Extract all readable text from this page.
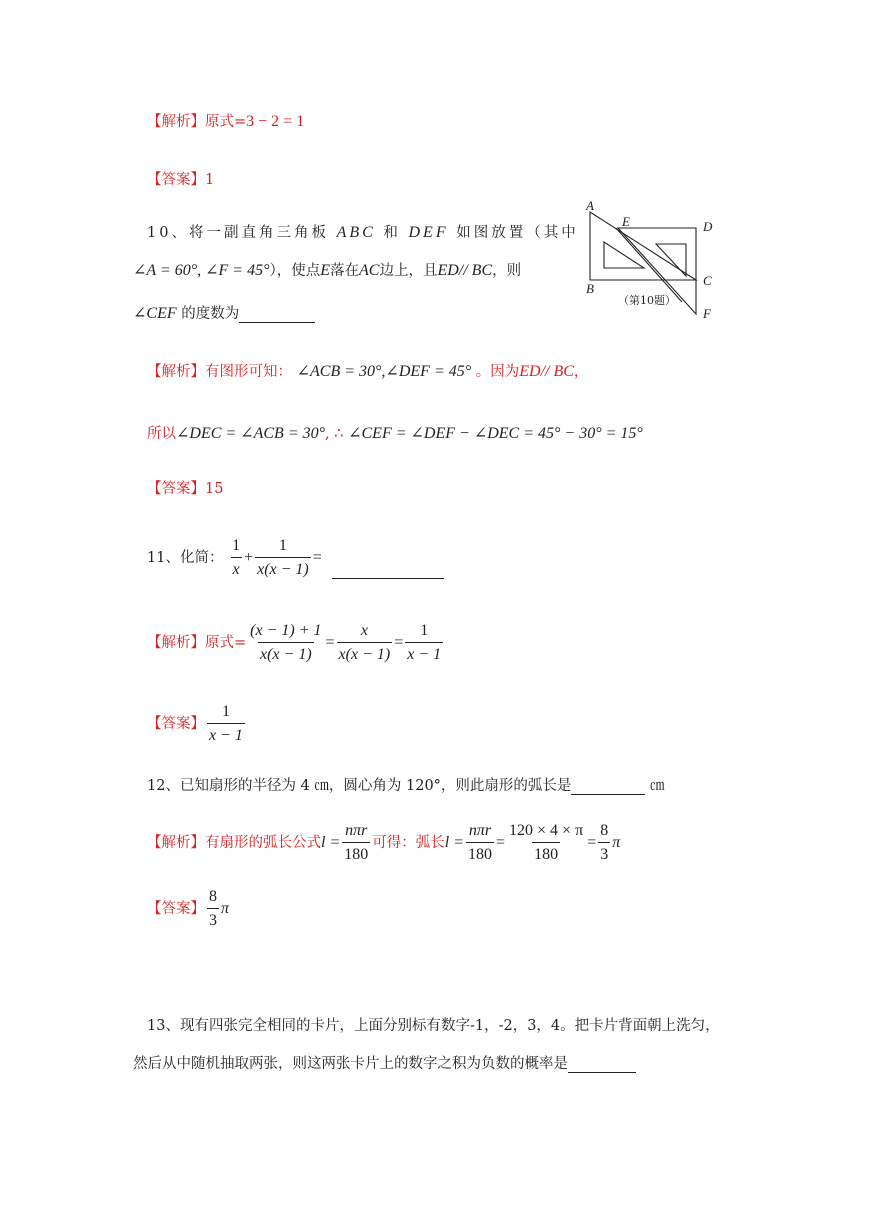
【解析】原式=3 − 2 = 1
【答案】1
10、将一副直角三角板 ABC 和 DEF 如图放置（其中
∠A = 60°, ∠F = 45°），使点E落在AC边上，且ED// BC，则
∠CEF 的度数为
A
B
C
D
E
F
（第10题）
【解析】有图形可知： ∠ACB = 30°,∠DEF = 45° 。因为ED// BC，
所以∠DEC = ∠ACB = 30°, ∴ ∠CEF = ∠DEF − ∠DEC = 45° − 30° = 15°
【答案】15
11、化简： $\frac{1}{x} + \frac{1}{x(x - 1)}$ =
【解析】原式= $\frac{(x - 1) + 1}{x(x - 1)} = \frac{x}{x(x - 1)} = \frac{1}{x - 1}$
【答案】 $\frac{1}{x - 1}$
12、已知扇形的半径为 4 ㎝，圆心角为 120°，则此扇形的弧长是	㎝
【解析】有扇形的弧长公式$l = \frac{\text{nπr}}{180}$ 可得：弧长$l = \frac{\text{nπr}}{180} = \frac{120 \times 4 \times \pi}{180} = \frac{8}{3}$ π
【答案】 $\frac{8}{3}$ π
13、现有四张完全相同的卡片，上面分别标有数字-1，-2，3，4。把卡片背面朝上洗匀，
然后从中随机抽取两张，则这两张卡片上的数字之积为负数的概率是
